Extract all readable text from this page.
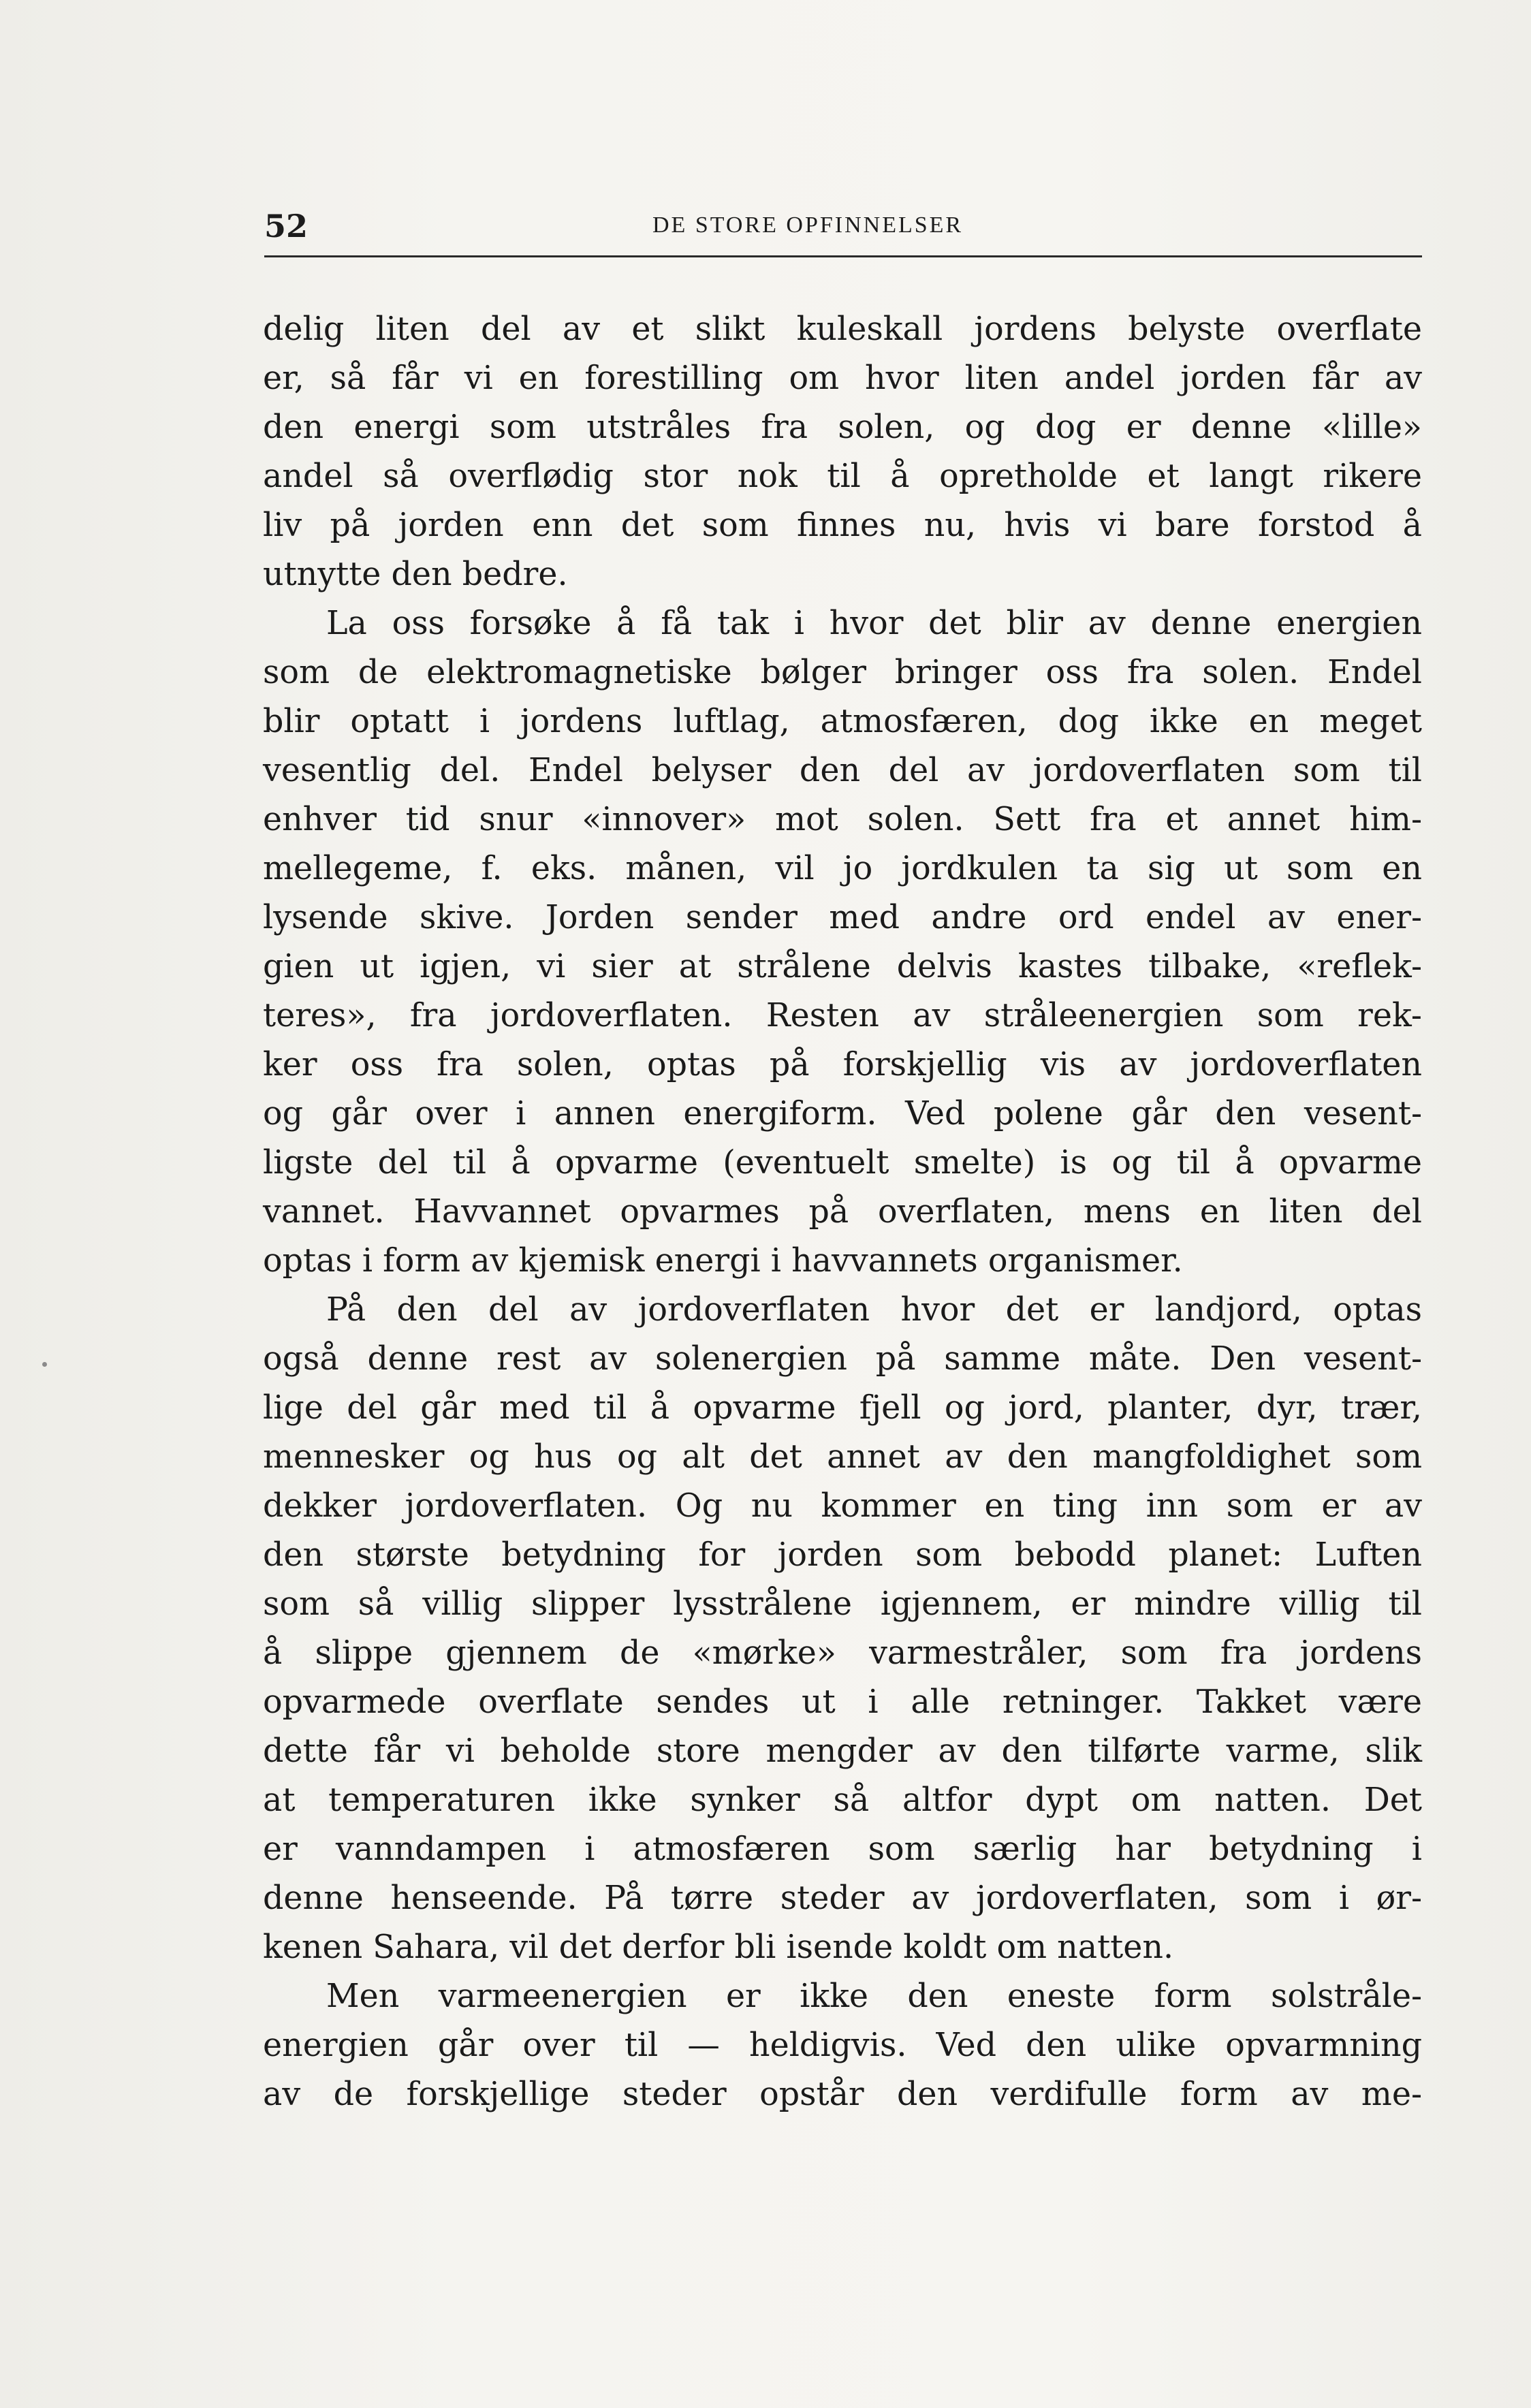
52	DE STORE OPFINNELSER
delig liten del av et slikt kuleskall jordens belyste overflate
er, så får vi en forestilling om hvor liten andel jorden får av
den energi som utstråles fra solen, og dog er denne «lille»
andel så overflødig stor nok til å opretholde et langt rikere
liv på jorden enn det som finnes nu, hvis vi bare forstod å
utnytte den bedre.
La oss forsøke å få tak i hvor det blir av denne energien
som de elektromagnetiske bølger bringer oss fra solen. Endel
blir optatt i jordens luftlag, atmosfæren, dog ikke en meget
vesentlig del. Endel belyser den del av jordoverflaten som til
enhver tid snur «innover» mot solen. Sett fra et annet him-
mellegeme, f. eks. månen, vil jo jordkulen ta sig ut som en
lysende skive. Jorden sender med andre ord endel av ener-
gien ut igjen, vi sier at strålene delvis kastes tilbake, «reflek-
teres», fra jordoverflaten. Resten av stråleenergien som rek-
ker oss fra solen, optas på forskjellig vis av jordoverflaten
og går over i annen energiform. Ved polene går den vesent-
ligste del til å opvarme (eventuelt smelte) is og til å opvarme
vannet. Havvannet opvarmes på overflaten, mens en liten del
optas i form av kjemisk energi i havvannets organismer.
På den del av jordoverflaten hvor det er landjord, optas
også denne rest av solenergien på samme måte. Den vesent-
lige del går med til å opvarme fjell og jord, planter, dyr, trær,
mennesker og hus og alt det annet av den mangfoldighet som
dekker jordoverflaten. Og nu kommer en ting inn som er av
den største betydning for jorden som bebodd planet: Luften
som så villig slipper lysstrålene igjennem, er mindre villig til
å slippe gjennem de «mørke» varmestråler, som fra jordens
opvarmede overflate sendes ut i alle retninger. Takket være
dette får vi beholde store mengder av den tilførte varme, slik
at temperaturen ikke synker så altfor dypt om natten. Det
er vanndampen i atmosfæren som særlig har betydning i
denne henseende. På tørre steder av jordoverflaten, som i ør-
kenen Sahara, vil det derfor bli isende koldt om natten.
Men varmeenergien er ikke den eneste form solstråle-
energien går over til — heldigvis. Ved den ulike opvarmning
av de forskjellige steder opstår den verdifulle form av me-
